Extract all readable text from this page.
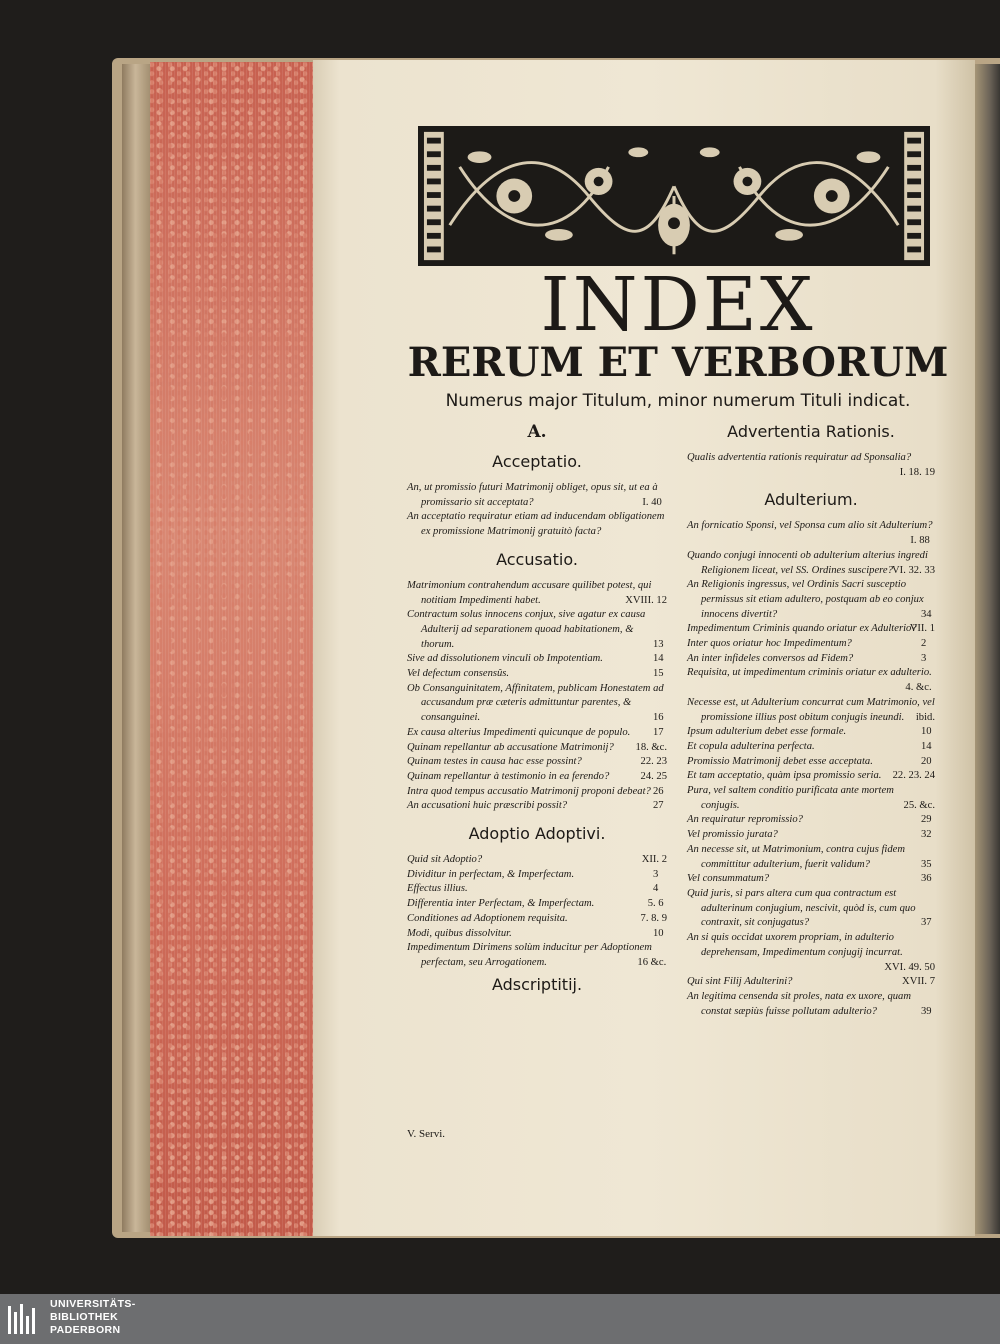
INDEX
RERUM ET VERBORUM
Numerus major Titulum, minor numerum Tituli indicat.
A.
Acceptatio.

An, ut promissio futuri Matrimonij obliget, opus sit, ut ea à promissario sit acceptata?	I. 40

An acceptatio requiratur etiam ad inducendam obligationem ex promissione Matrimonij gratuitò facta?

Accusatio.

Matrimonium contrahendum accusare quilibet potest, qui notitiam Impedimenti habet.	XVIII. 12

Contractum solus innocens conjux, sive agatur ex causa Adulterij ad separationem quoad habitationem, & thorum.	13

Sive ad dissolutionem vinculi ob Impotentiam.	14

Vel defectum consensûs.	15

Ob Consanguinitatem, Affinitatem, publicam Honestatem ad accusandum præ cæteris admittuntur parentes, & consanguinei.	16

Ex causa alterius Impedimenti quicunque de populo. 17

Quinam repellantur ab accusatione Matrimonij? 18. &c.

Quinam testes in causa hac esse possint?	22. 23

Quinam repellantur à testimonio in ea ferendo?	24. 25

Intra quod tempus accusatio Matrimonij proponi debeat? 26

An accusationi huic præscribi possit?	27

Adoptio Adoptivi.

Quid sit Adoptio?	XII. 2

Dividitur in perfectam, & Imperfectam.	3

Effectus illius.	4

Differentia inter Perfectam, & Imperfectam.	5. 6

Conditiones ad Adoptionem requisita.	7. 8. 9

Modi, quibus dissolvitur.	10

Impedimentum Dirimens solùm inducitur per Adoptionem perfectam, seu Arrogationem.	16 &c.

Adscriptitij.
Advertentia Rationis.

Qualis advertentia rationis requiratur ad Sponsalia?
I. 18. 19

Adulterium.

An fornicatio Sponsi, vel Sponsa cum alio sit Adulterium?
I. 88

Quando conjugi innocenti ob adulterium alterius ingredi Religionem liceat, vel SS. Ordines suscipere? VI. 32. 33

An Religionis ingressus, vel Ordinis Sacri susceptio permissus sit etiam adultero, postquam ab eo conjux innocens divertit?	34

Impedimentum Criminis quando oriatur ex Adulterio?
VII. 1

Inter quos oriatur hoc Impedimentum?	2

An inter infideles conversos ad Fidem?	3

Requisita, ut impedimentum criminis oriatur ex adulterio.
4. &c.

Necesse est, ut Adulterium concurrat cum Matrimonio, vel promissione illius post obitum conjugis ineundi. ibid.

Ipsum adulterium debet esse formale.	10

Et copula adulterina perfecta.	14

Promissio Matrimonij debet esse acceptata.	20

Et tam acceptatio, quàm ipsa promissio seria. 22. 23. 24

Pura, vel saltem conditio purificata ante mortem conjugis.	25. &c.

An requiratur repromissio?	29

Vel promissio jurata?	32

An necesse sit, ut Matrimonium, contra cujus fidem committitur adulterium, fuerit validum?	35

Vel consummatum?	36

Quid juris, si pars altera cum qua contractum est adulterinum conjugium, nescivit, quòd is, cum quo contraxit, sit conjugatus?	37

An si quis occidat uxorem propriam, in adulterio deprehensam, Impedimentum conjugij incurrat.
XVI. 49. 50

Qui sint Filij Adulterini?	XVII. 7

An legitima censenda sit proles, nata ex uxore, quam constat sæpiùs fuisse pollutam adulterio?	39

V. Servi.
UNIVERSITÄTS-
BIBLIOTHEK
PADERBORN
